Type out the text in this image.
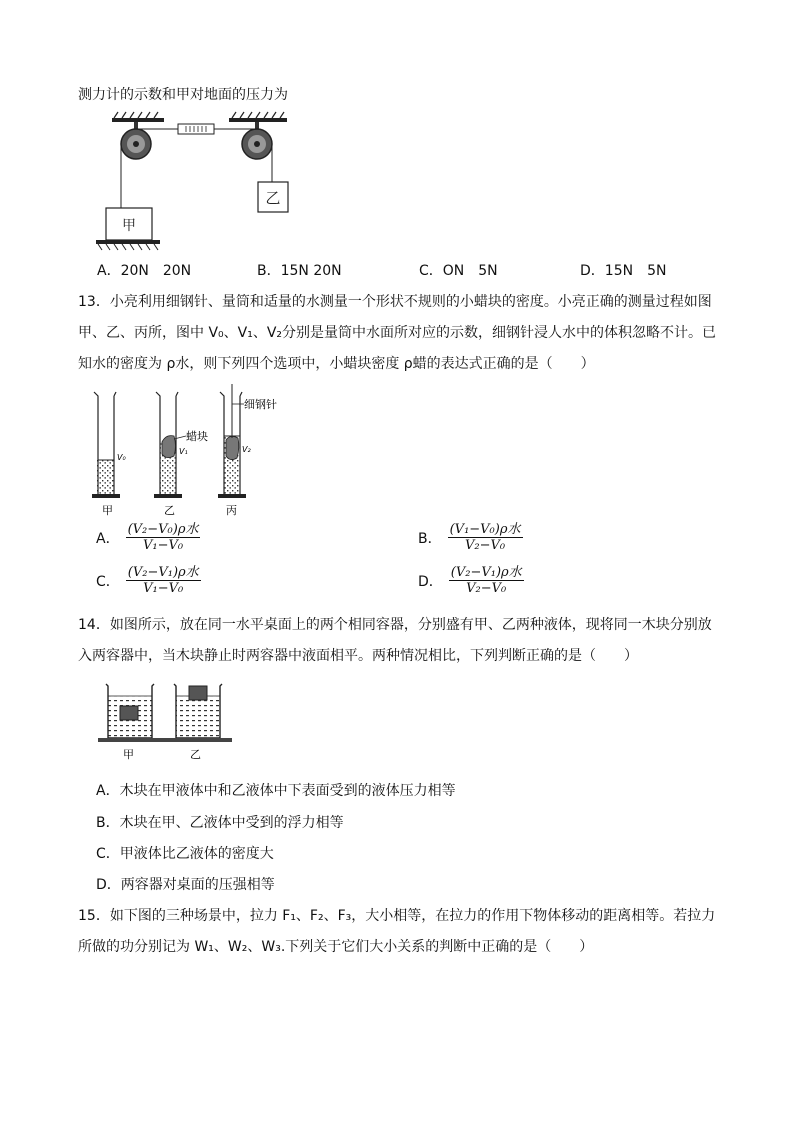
测力计的示数和甲对地面的压力为
乙
甲
A．20N　20N	B．15N 20N	C．ON　5N	D．15N　5N
13．小亮利用细钢针、量筒和适量的水测量一个形状不规则的小蜡块的密度。小亮正确的测量过程如图
甲、乙、丙所，图中 V₀、V₁、V₂分别是量筒中水面所对应的示数，细钢针浸人水中的体积忽略不计。已
知水的密度为 ρ水，则下列四个选项中，小蜡块密度 ρ蜡的表达式正确的是（　　）
V₀
蜡块
V₁
细钢针
V₂
甲	乙	丙
A． $\frac{\text{(V₂−V₀)ρ水}}{\text{V₁−V₀}}$	B． $\frac{\text{(V₁−V₀)ρ水}}{\text{V₂−V₀}}$
C． $\frac{\text{(V₂−V₁)ρ水}}{\text{V₁−V₀}}$	D． $\frac{\text{(V₂−V₁)ρ水}}{\text{V₂−V₀}}$
14．如图所示，放在同一水平桌面上的两个相同容器，分别盛有甲、乙两种液体，现将同一木块分别放
入两容器中，当木块静止时两容器中液面相平。两种情况相比，下列判断正确的是（　　）
甲	乙
A．木块在甲液体中和乙液体中下表面受到的液体压力相等
B．木块在甲、乙液体中受到的浮力相等
C．甲液体比乙液体的密度大
D．两容器对桌面的压强相等
15．如下图的三种场景中，拉力 F₁、F₂、F₃，大小相等，在拉力的作用下物体移动的距离相等。若拉力
所做的功分别记为 W₁、W₂、W₃.下列关于它们大小关系的判断中正确的是（　　）
